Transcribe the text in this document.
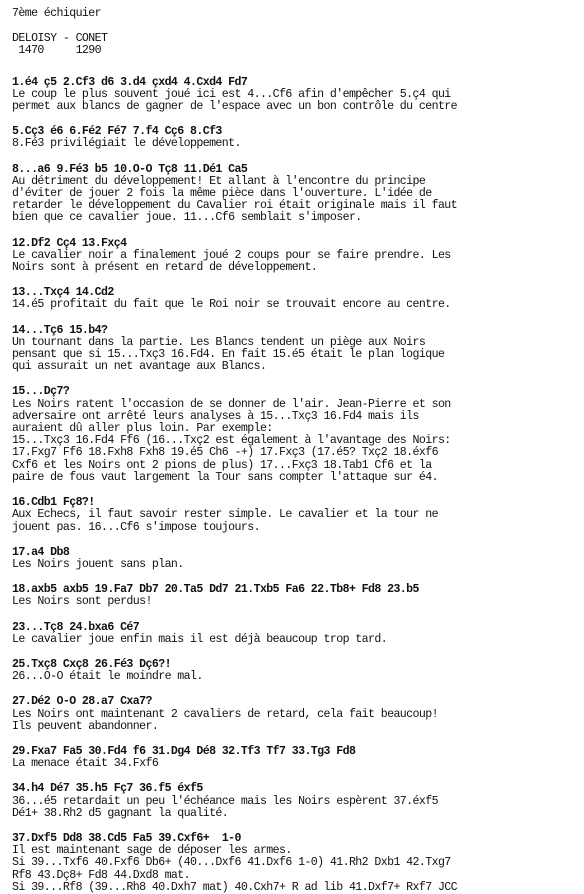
7ème échiquier
DELOISY - CONET
1470     1290
1.é4 ç5 2.Cf3 d6 3.d4 çxd4 4.Cxd4 Fd7
Le coup le plus souvent joué ici est 4...Cf6 afin d'empêcher 5.ç4 qui
permet aux blancs de gagner de l'espace avec un bon contrôle du centre
5.Cç3 é6 6.Fé2 Fé7 7.f4 Cç6 8.Cf3
8.Fé3 privilégiait le développement.
8...a6 9.Fé3 b5 10.O-O Tç8 11.Dé1 Ca5
Au détriment du développement! Et allant à l'encontre du principe
d'éviter de jouer 2 fois la même pièce dans l'ouverture. L'idée de
retarder le développement du Cavalier roi était originale mais il faut
bien que ce cavalier joue. 11...Cf6 semblait s'imposer.
12.Df2 Cç4 13.Fxç4
Le cavalier noir a finalement joué 2 coups pour se faire prendre. Les
Noirs sont à présent en retard de développement.
13...Txç4 14.Cd2
14.é5 profitait du fait que le Roi noir se trouvait encore au centre.
14...Tç6 15.b4?
Un tournant dans la partie. Les Blancs tendent un piège aux Noirs
pensant que si 15...Txç3 16.Fd4. En fait 15.é5 était le plan logique
qui assurait un net avantage aux Blancs.
15...Dç7?
Les Noirs ratent l'occasion de se donner de l'air. Jean-Pierre et son
adversaire ont arrêté leurs analyses à 15...Txç3 16.Fd4 mais ils
auraient dû aller plus loin. Par exemple:
15...Txç3 16.Fd4 Ff6 (16...Txç2 est également à l'avantage des Noirs:
17.Fxg7 Ff6 18.Fxh8 Fxh8 19.é5 Ch6 -+) 17.Fxç3 (17.é5? Txç2 18.éxf6
Cxf6 et les Noirs ont 2 pions de plus) 17...Fxç3 18.Tab1 Cf6 et la
paire de fous vaut largement la Tour sans compter l'attaque sur é4.
16.Cdb1 Fç8?!
Aux Echecs, il faut savoir rester simple. Le cavalier et la tour ne
jouent pas. 16...Cf6 s'impose toujours.
17.a4 Db8
Les Noirs jouent sans plan.
18.axb5 axb5 19.Fa7 Db7 20.Ta5 Dd7 21.Txb5 Fa6 22.Tb8+ Fd8 23.b5
Les Noirs sont perdus!
23...Tç8 24.bxa6 Cé7
Le cavalier joue enfin mais il est déjà beaucoup trop tard.
25.Txç8 Cxç8 26.Fé3 Dç6?!
26...O-O était le moindre mal.
27.Dé2 O-O 28.a7 Cxa7?
Les Noirs ont maintenant 2 cavaliers de retard, cela fait beaucoup!
Ils peuvent abandonner.
29.Fxa7 Fa5 30.Fd4 f6 31.Dg4 Dé8 32.Tf3 Tf7 33.Tg3 Fd8
La menace était 34.Fxf6
34.h4 Dé7 35.h5 Fç7 36.f5 éxf5
36...é5 retardait un peu l'échéance mais les Noirs espèrent 37.éxf5
Dé1+ 38.Rh2 d5 gagnant la qualité.
37.Dxf5 Dd8 38.Cd5 Fa5 39.Cxf6+  1-0
Il est maintenant sage de déposer les armes.
Si 39...Txf6 40.Fxf6 Db6+ (40...Dxf6 41.Dxf6 1-0) 41.Rh2 Dxb1 42.Txg7
Rf8 43.Dç8+ Fd8 44.Dxd8 mat.
Si 39...Rf8 (39...Rh8 40.Dxh7 mat) 40.Cxh7+ R ad lib 41.Dxf7+ Rxf7 JCC
